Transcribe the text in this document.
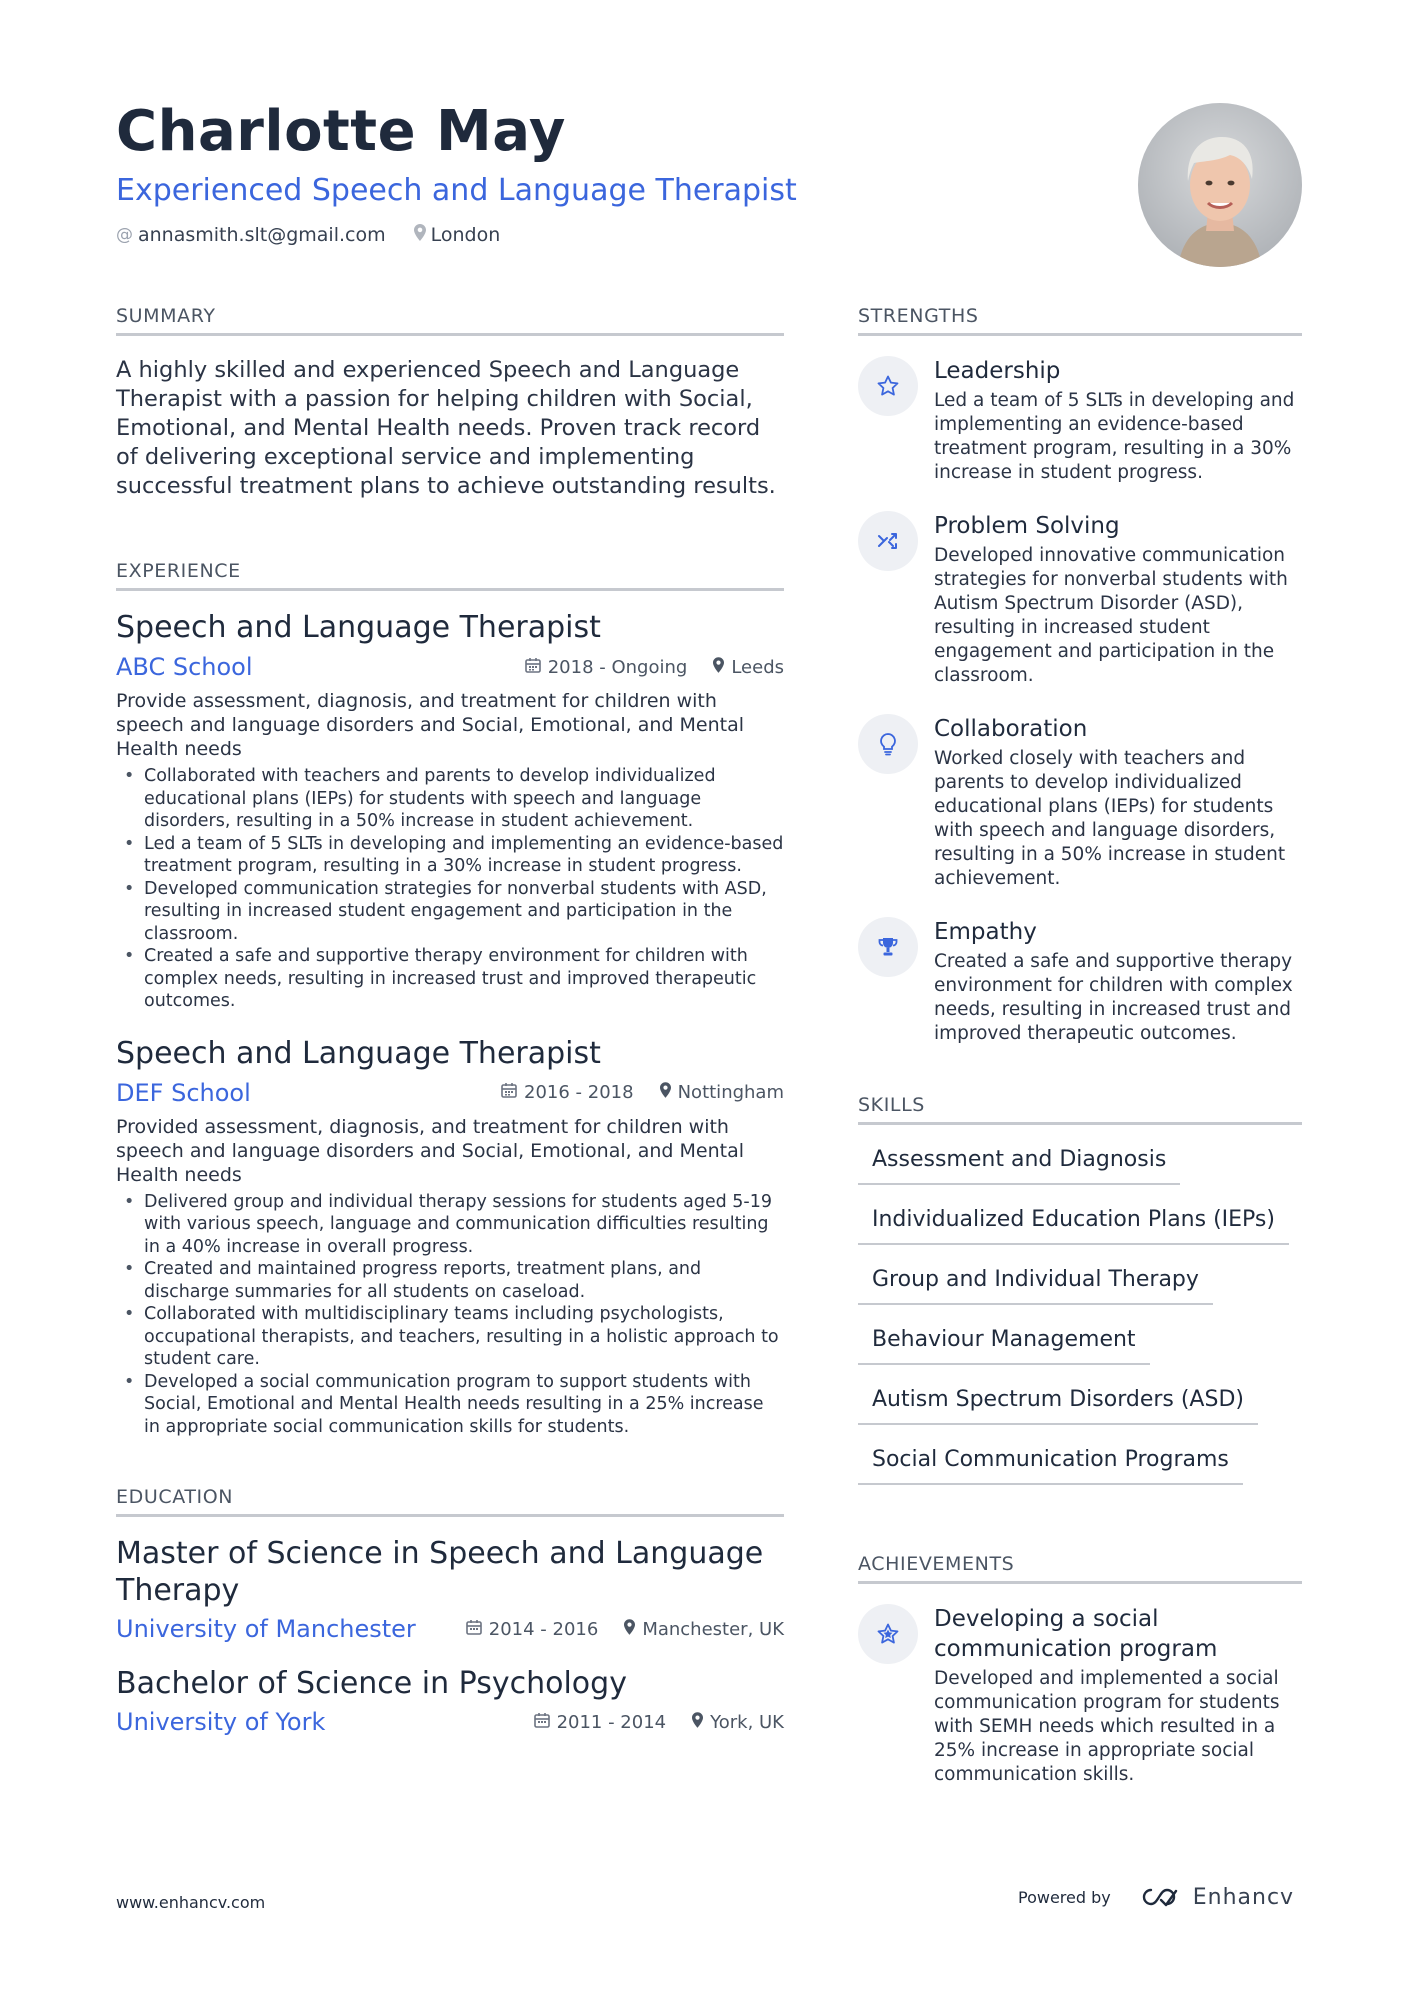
Charlotte May
Experienced Speech and Language Therapist
@ annasmith.slt@gmail.com London
SUMMARY

A highly skilled and experienced Speech and Language Therapist with a passion for helping children with Social, Emotional, and Mental Health needs. Proven track record of delivering exceptional service and implementing successful treatment plans to achieve outstanding results.

EXPERIENCE
Speech and Language Therapist
ABC School	2018 - Ongoing Leeds
Provide assessment, diagnosis, and treatment for children with speech and language disorders and Social, Emotional, and Mental Health needs
• Collaborated with teachers and parents to develop individualized educational plans (IEPs) for students with speech and language disorders, resulting in a 50% increase in student achievement.
• Led a team of 5 SLTs in developing and implementing an evidence-based treatment program, resulting in a 30% increase in student progress.
• Developed communication strategies for nonverbal students with ASD, resulting in increased student engagement and participation in the classroom.
• Created a safe and supportive therapy environment for children with complex needs, resulting in increased trust and improved therapeutic outcomes.
Speech and Language Therapist
DEF School	2016 - 2018 Nottingham
Provided assessment, diagnosis, and treatment for children with speech and language disorders and Social, Emotional, and Mental Health needs
• Delivered group and individual therapy sessions for students aged 5-19 with various speech, language and communication difficulties resulting in a 40% increase in overall progress.
• Created and maintained progress reports, treatment plans, and discharge summaries for all students on caseload.
• Collaborated with multidisciplinary teams including psychologists, occupational therapists, and teachers, resulting in a holistic approach to student care.
• Developed a social communication program to support students with Social, Emotional and Mental Health needs resulting in a 25% increase in appropriate social communication skills for students.
EDUCATION
Master of Science in Speech and Language Therapy
University of Manchester	2014 - 2016 Manchester, UK
Bachelor of Science in Psychology
University of York	2011 - 2014 York, UK
STRENGTHS
Leadership
Led a team of 5 SLTs in developing and implementing an evidence-based treatment program, resulting in a 30% increase in student progress.
Problem Solving
Developed innovative communication strategies for nonverbal students with Autism Spectrum Disorder (ASD), resulting in increased student engagement and participation in the classroom.
Collaboration
Worked closely with teachers and parents to develop individualized educational plans (IEPs) for students with speech and language disorders, resulting in a 50% increase in student achievement.
Empathy
Created a safe and supportive therapy environment for children with complex needs, resulting in increased trust and improved therapeutic outcomes.
SKILLS
Assessment and Diagnosis
Individualized Education Plans (IEPs)
Group and Individual Therapy
Behaviour Management
Autism Spectrum Disorders (ASD)
Social Communication Programs
ACHIEVEMENTS
Developing a social communication program
Developed and implemented a social communication program for students with SEMH needs which resulted in a 25% increase in appropriate social communication skills.
www.enhancv.com	Powered by	Enhancv
